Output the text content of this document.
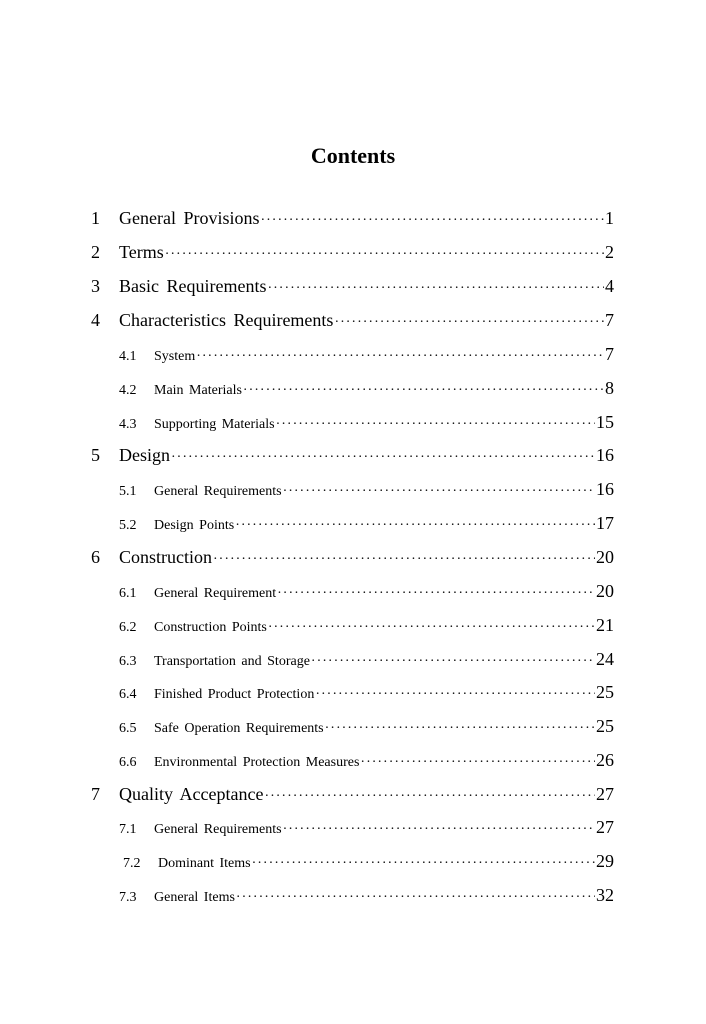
Contents
1	General Provisions ·····	1
2	Terms ·····	2
3	Basic Requirements ·····	4
4	Characteristics Requirements ·····	7
4.1	System ·····	7
4.2	Main Materials ·····	8
4.3	Supporting Materials ·····	15
5	Design ·····	16
5.1	General Requirements ·····	16
5.2	Design Points ·····	17
6	Construction ·····	20
6.1	General Requirement ·····	20
6.2	Construction Points ·····	21
6.3	Transportation and Storage ·····	24
6.4	Finished Product Protection ·····	25
6.5	Safe Operation Requirements ·····	25
6.6	Environmental Protection Measures ·····	26
7	Quality Acceptance ·····	27
7.1	General Requirements ·····	27
7.2	Dominant Items ·····	29
7.3	General Items ·····	32
